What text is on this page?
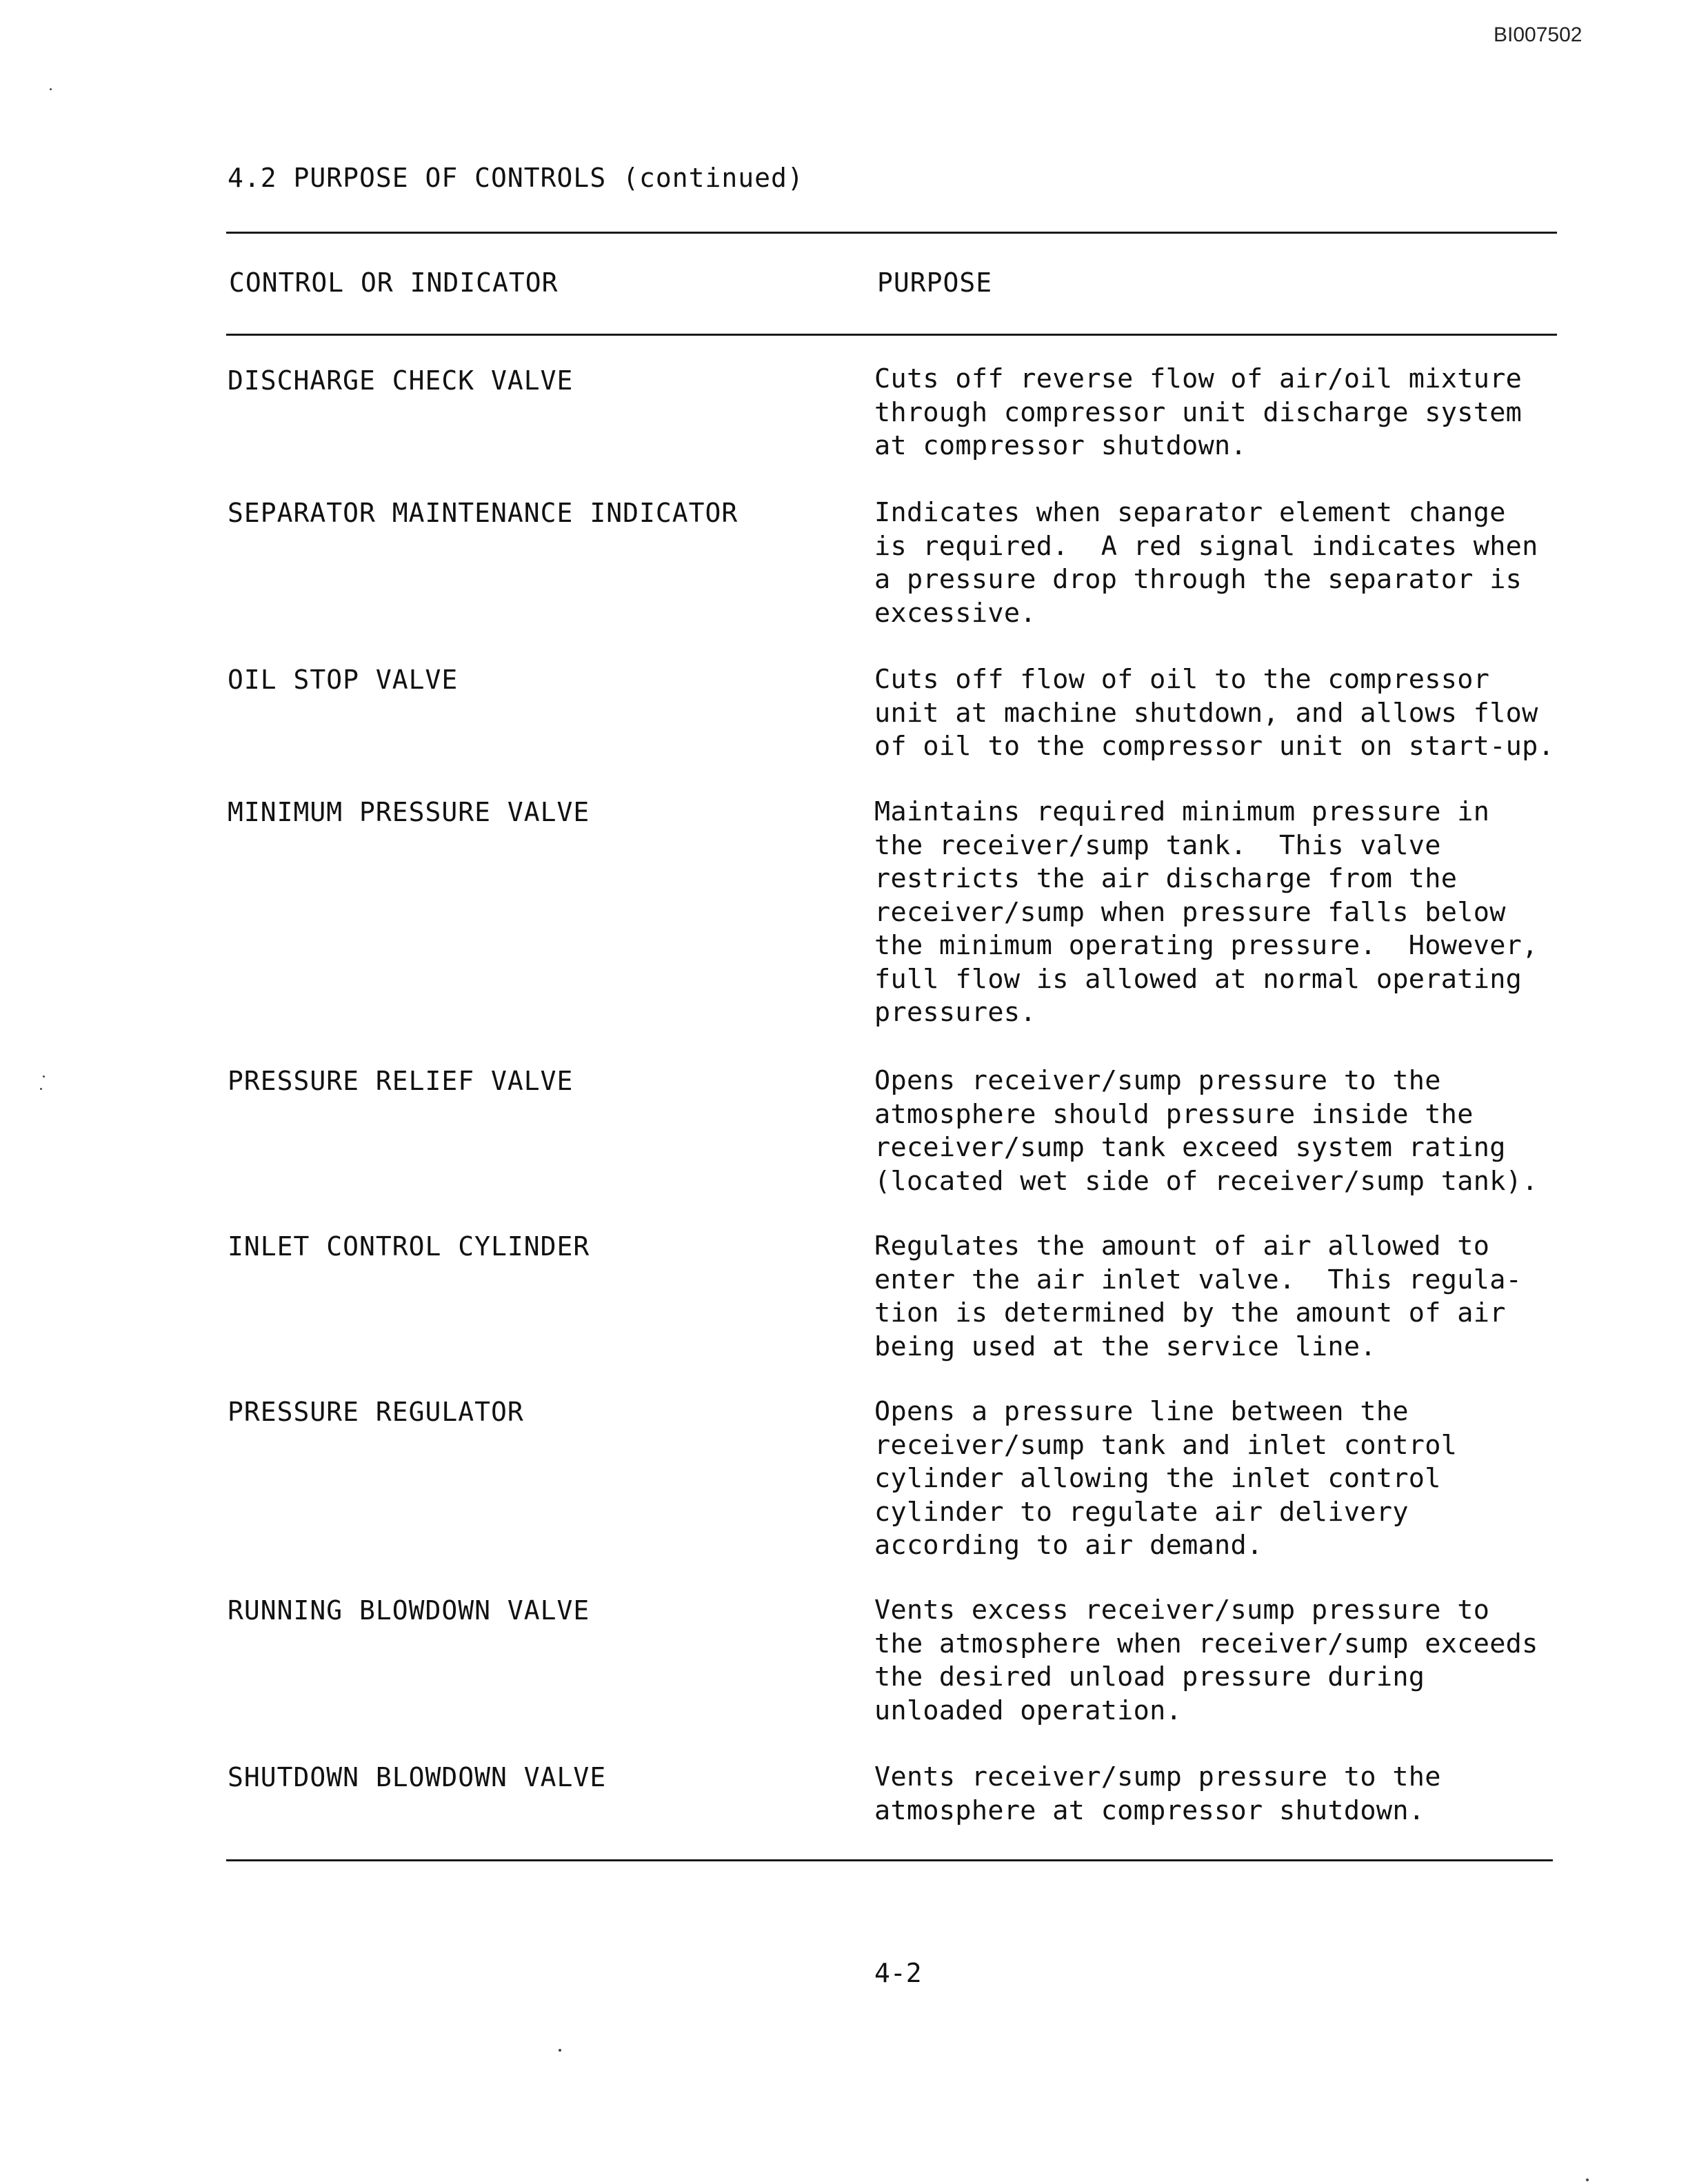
BI007502
4.2 PURPOSE OF CONTROLS (continued)
CONTROL OR INDICATOR	PURPOSE
DISCHARGE CHECK VALVE	Cuts off reverse flow of air/oil mixture
through compressor unit discharge system
at compressor shutdown.
SEPARATOR MAINTENANCE INDICATOR	Indicates when separator element change
is required.  A red signal indicates when
a pressure drop through the separator is
excessive.
OIL STOP VALVE	Cuts off flow of oil to the compressor
unit at machine shutdown, and allows flow
of oil to the compressor unit on start-up.
MINIMUM PRESSURE VALVE	Maintains required minimum pressure in
the receiver/sump tank.  This valve
restricts the air discharge from the
receiver/sump when pressure falls below
the minimum operating pressure.  However,
full flow is allowed at normal operating
pressures.
PRESSURE RELIEF VALVE	Opens receiver/sump pressure to the
atmosphere should pressure inside the
receiver/sump tank exceed system rating
(located wet side of receiver/sump tank).
INLET CONTROL CYLINDER	Regulates the amount of air allowed to
enter the air inlet valve.  This regula-
tion is determined by the amount of air
being used at the service line.
PRESSURE REGULATOR	Opens a pressure line between the
receiver/sump tank and inlet control
cylinder allowing the inlet control
cylinder to regulate air delivery
according to air demand.
RUNNING BLOWDOWN VALVE	Vents excess receiver/sump pressure to
the atmosphere when receiver/sump exceeds
the desired unload pressure during
unloaded operation.
SHUTDOWN BLOWDOWN VALVE	Vents receiver/sump pressure to the
atmosphere at compressor shutdown.
4-2
